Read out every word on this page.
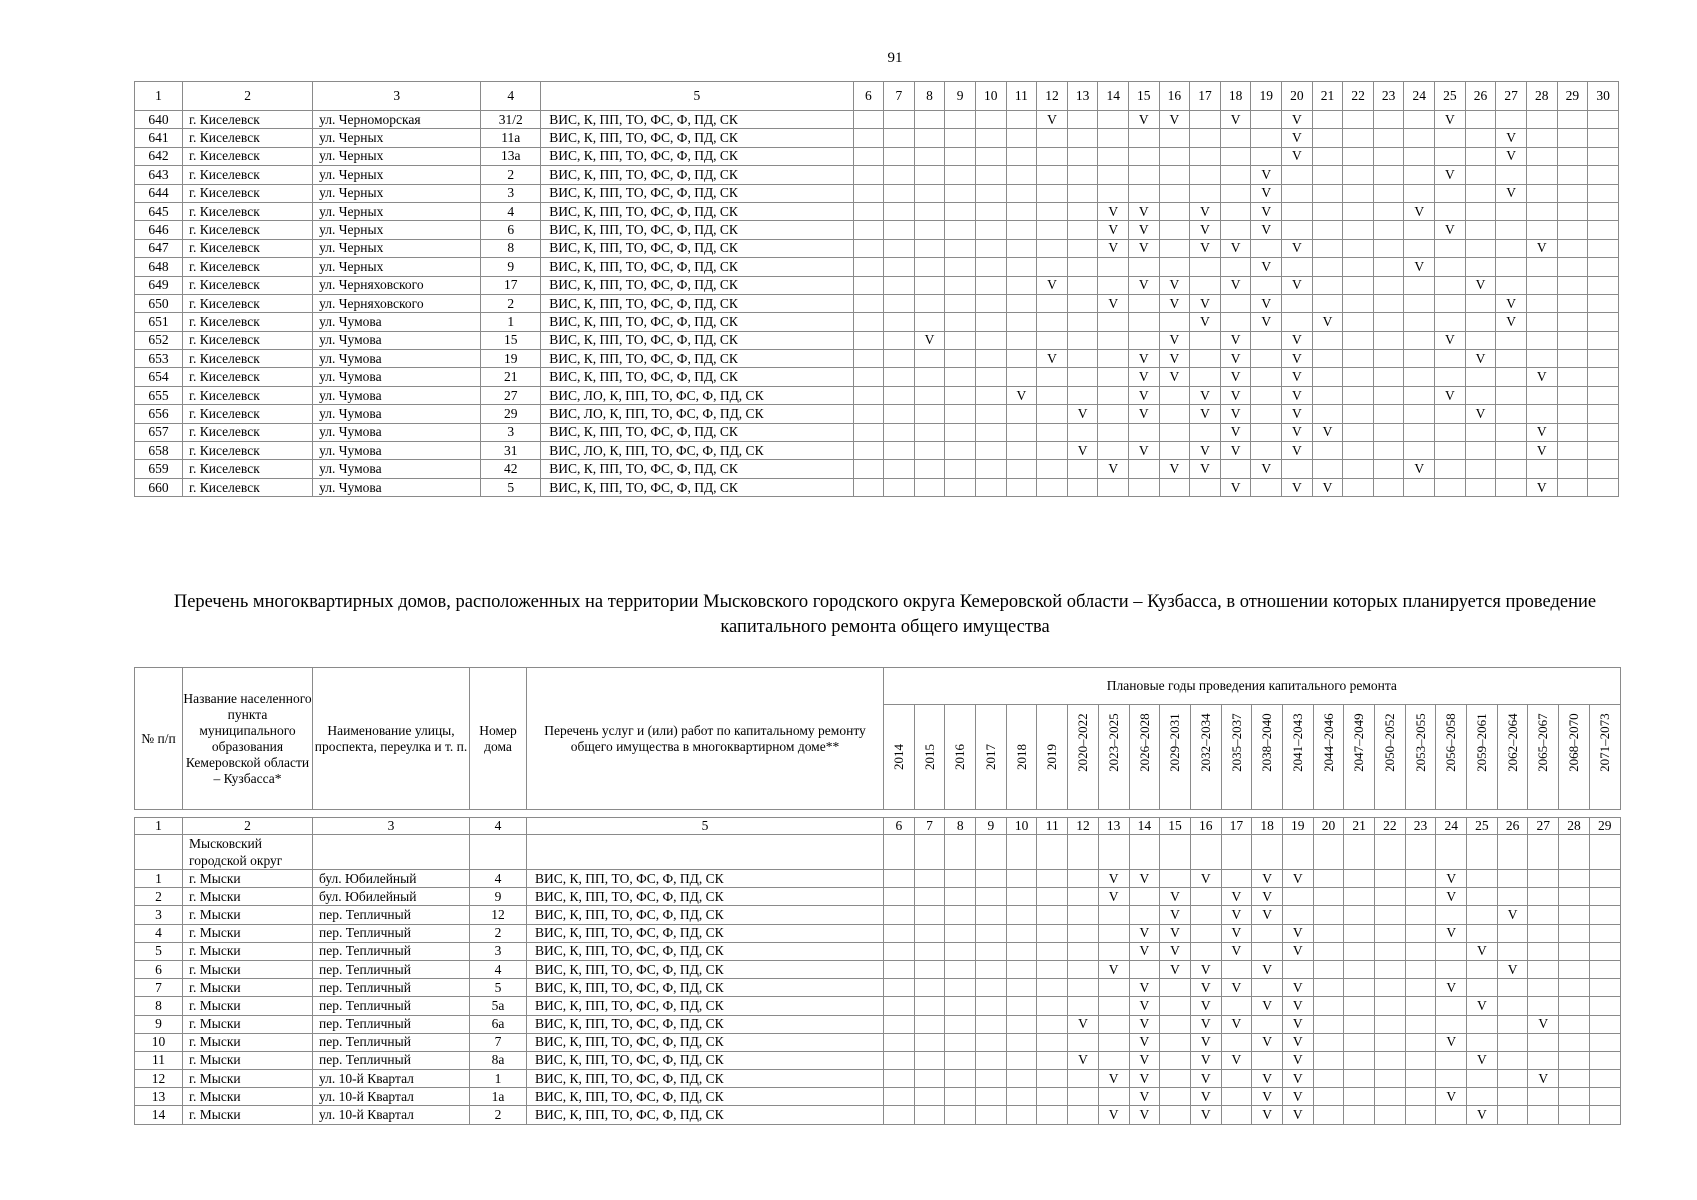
91
1	2	3	4	5	6	7	8	9	10	11	12	13	14	15	16	17	18	19	20	21	22	23	24	25	26	27	28	29	30
640	г. Киселевск	ул. Черноморская	31/2	ВИС, К, ПП, ТО, ФС, Ф, ПД, СК							V			V	V		V		V					V					
641	г. Киселевск	ул. Черных	11а	ВИС, К, ПП, ТО, ФС, Ф, ПД, СК															V							V			
642	г. Киселевск	ул. Черных	13а	ВИС, К, ПП, ТО, ФС, Ф, ПД, СК															V							V			
643	г. Киселевск	ул. Черных	2	ВИС, К, ПП, ТО, ФС, Ф, ПД, СК														V						V					
644	г. Киселевск	ул. Черных	3	ВИС, К, ПП, ТО, ФС, Ф, ПД, СК														V								V			
645	г. Киселевск	ул. Черных	4	ВИС, К, ПП, ТО, ФС, Ф, ПД, СК									V	V		V		V					V						
646	г. Киселевск	ул. Черных	6	ВИС, К, ПП, ТО, ФС, Ф, ПД, СК									V	V		V		V						V					
647	г. Киселевск	ул. Черных	8	ВИС, К, ПП, ТО, ФС, Ф, ПД, СК									V	V		V	V		V								V		
648	г. Киселевск	ул. Черных	9	ВИС, К, ПП, ТО, ФС, Ф, ПД, СК														V					V						
649	г. Киселевск	ул. Черняховского	17	ВИС, К, ПП, ТО, ФС, Ф, ПД, СК							V			V	V		V		V						V				
650	г. Киселевск	ул. Черняховского	2	ВИС, К, ПП, ТО, ФС, Ф, ПД, СК									V		V	V		V								V			
651	г. Киселевск	ул. Чумова	1	ВИС, К, ПП, ТО, ФС, Ф, ПД, СК												V		V		V						V			
652	г. Киселевск	ул. Чумова	15	ВИС, К, ПП, ТО, ФС, Ф, ПД, СК			V								V		V		V					V					
653	г. Киселевск	ул. Чумова	19	ВИС, К, ПП, ТО, ФС, Ф, ПД, СК							V			V	V		V		V						V				
654	г. Киселевск	ул. Чумова	21	ВИС, К, ПП, ТО, ФС, Ф, ПД, СК										V	V		V		V								V		
655	г. Киселевск	ул. Чумова	27	ВИС, ЛО, К, ПП, ТО, ФС, Ф, ПД, СК						V				V		V	V		V					V					
656	г. Киселевск	ул. Чумова	29	ВИС, ЛО, К, ПП, ТО, ФС, Ф, ПД, СК								V		V		V	V		V						V				
657	г. Киселевск	ул. Чумова	3	ВИС, К, ПП, ТО, ФС, Ф, ПД, СК													V		V	V							V		
658	г. Киселевск	ул. Чумова	31	ВИС, ЛО, К, ПП, ТО, ФС, Ф, ПД, СК								V		V		V	V		V								V		
659	г. Киселевск	ул. Чумова	42	ВИС, К, ПП, ТО, ФС, Ф, ПД, СК									V		V	V		V					V						
660	г. Киселевск	ул. Чумова	5	ВИС, К, ПП, ТО, ФС, Ф, ПД, СК													V		V	V							V		
Перечень многоквартирных домов, расположенных на территории Мысковского городского округа Кемеровской области – Кузбасса, в отношении которых планируется проведение капитального ремонта общего имущества
№ п/п	Название населенного пункта муниципального образования Кемеровской области – Кузбасса*	Наименование улицы, проспекта, переулка и т. п.	Номер дома	Перечень услуг и (или) работ по капитальному ремонту общего имущества в многоквартирном доме**	Плановые годы проведения капитального ремонта																							

					2014	2015	2016	2017	2018	2019	2020–2022	2023–2025	2026–2028	2029–2031	2032–2034	2035–2037	2038–2040	2041–2043	2044–2046	2047–2049	2050–2052	2053–2055	2056–2058	2059–2061	2062–2064	2065–2067	2068–2070	2071–2073

1	2	3	4	5	6	7	8	9	10	11	12	13	14	15	16	17	18	19	20	21	22	23	24	25	26	27	28	29
	Мысковский городской округ																											
1	г. Мыски	бул. Юбилейный	4	ВИС, К, ПП, ТО, ФС, Ф, ПД, СК								V	V		V		V	V					V					
2	г. Мыски	бул. Юбилейный	9	ВИС, К, ПП, ТО, ФС, Ф, ПД, СК								V		V		V	V						V					
3	г. Мыски	пер. Тепличный	12	ВИС, К, ПП, ТО, ФС, Ф, ПД, СК										V		V	V								V			
4	г. Мыски	пер. Тепличный	2	ВИС, К, ПП, ТО, ФС, Ф, ПД, СК									V	V		V		V					V					
5	г. Мыски	пер. Тепличный	3	ВИС, К, ПП, ТО, ФС, Ф, ПД, СК									V	V		V		V						V				
6	г. Мыски	пер. Тепличный	4	ВИС, К, ПП, ТО, ФС, Ф, ПД, СК								V		V	V		V								V			
7	г. Мыски	пер. Тепличный	5	ВИС, К, ПП, ТО, ФС, Ф, ПД, СК									V		V	V		V					V					
8	г. Мыски	пер. Тепличный	5а	ВИС, К, ПП, ТО, ФС, Ф, ПД, СК									V		V		V	V						V				
9	г. Мыски	пер. Тепличный	6а	ВИС, К, ПП, ТО, ФС, Ф, ПД, СК							V		V		V	V		V								V		
10	г. Мыски	пер. Тепличный	7	ВИС, К, ПП, ТО, ФС, Ф, ПД, СК									V		V		V	V					V					
11	г. Мыски	пер. Тепличный	8а	ВИС, К, ПП, ТО, ФС, Ф, ПД, СК							V		V		V	V		V						V				
12	г. Мыски	ул. 10-й Квартал	1	ВИС, К, ПП, ТО, ФС, Ф, ПД, СК								V	V		V		V	V								V		
13	г. Мыски	ул. 10-й Квартал	1а	ВИС, К, ПП, ТО, ФС, Ф, ПД, СК									V		V		V	V					V					
14	г. Мыски	ул. 10-й Квартал	2	ВИС, К, ПП, ТО, ФС, Ф, ПД, СК								V	V		V		V	V						V				
